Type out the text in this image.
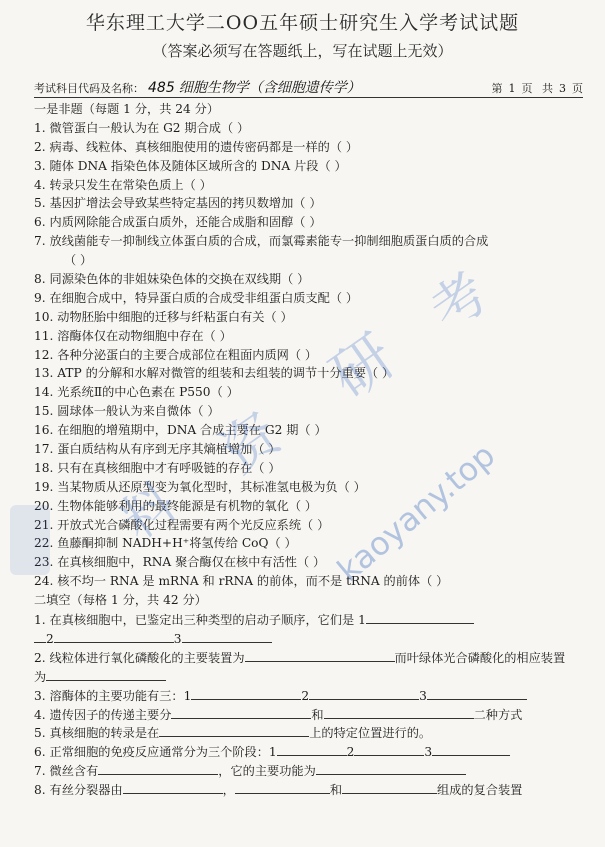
华东理工大学二OO五年硕士研究生入学考试试题
（答案必须写在答题纸上，写在试题上无效）
考试科目代码及名称： 485 细胞生物学（含细胞遗传学）	第 1 页 共 3 页
一是非题（每题 1 分，共 24 分）
1. 微管蛋白一般认为在 G2 期合成（ ）
2. 病毒、线粒体、真核细胞使用的遗传密码都是一样的（ ）
3. 随体 DNA 指染色体及随体区域所含的 DNA 片段（ ）
4. 转录只发生在常染色质上（ ）
5. 基因扩增法会导致某些特定基因的拷贝数增加（ ）
6. 内质网除能合成蛋白质外，还能合成脂和固醇（ ）
7. 放线菌能专一抑制线立体蛋白质的合成，而氯霉素能专一抑制细胞质蛋白质的合成
（ ）
8. 同源染色体的非姐妹染色体的交换在双线期（ ）
9. 在细胞合成中，特异蛋白质的合成受非组蛋白质支配（ ）
10. 动物胚胎中细胞的迁移与纤粘蛋白有关（ ）
11. 溶酶体仅在动物细胞中存在（ ）
12. 各种分泌蛋白的主要合成部位在粗面内质网（ ）
13. ATP 的分解和水解对微管的组装和去组装的调节十分重要（ ）
14. 光系统Ⅱ的中心色素在 P550（ ）
15. 圆球体一般认为来自微体（ ）
16. 在细胞的增殖期中，DNA 合成主要在 G2 期（ ）
17. 蛋白质结构从有序到无序其熵植增加（ ）
18. 只有在真核细胞中才有呼吸链的存在（ ）
19. 当某物质从还原型变为氧化型时，其标准氢电极为负（ ）
20. 生物体能够利用的最终能源是有机物的氧化（ ）
21. 开放式光合磷酸化过程需要有两个光反应系统（ ）
22. 鱼藤酮抑制 NADH+H⁺将氢传给 CoQ（ ）
23. 在真核细胞中，RNA 聚合酶仅在核中有活性（ ）
24. 核不均一 RNA 是 mRNA 和 rRNA 的前体，而不是 tRNA 的前体（ ）
二填空（每格 1 分，共 42 分）
1. 在真核细胞中，已鉴定出三种类型的启动子顺序，它们是 1
2	3
2. 线粒体进行氧化磷酸化的主要装置为	而叶绿体光合磷酸化的相应装置
为
3. 溶酶体的主要功能有三：1	2	3
4. 遗传因子的传递主要分	和	二种方式
5. 真核细胞的转录是在	上的特定位置进行的。
6. 正常细胞的免疫反应通常分为三个阶段：1	2	3
7. 微丝含有	，它的主要功能为
8. 有丝分裂器由	，	和	组成的复合装置
考
研
资
料	kaoyany.top
